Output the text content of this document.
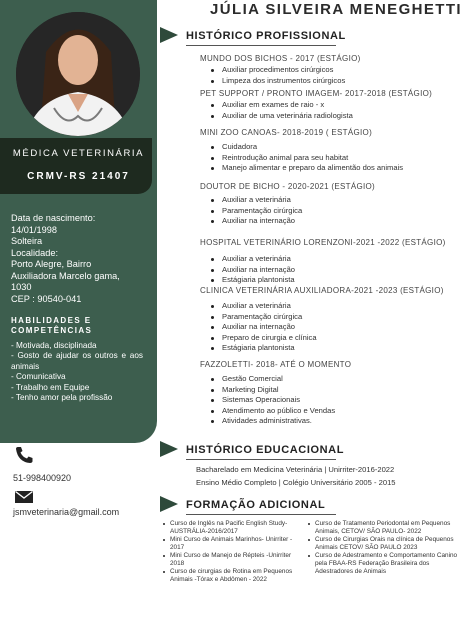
MÉDICA VETERINÁRIA
CRMV-RS 21407
Data de nascimento:
14/01/1998
Solteira
Localidade:
Porto Alegre, Bairro
Auxiliadora Marcelo gama,
1030
CEP : 90540-041
HABILIDADES E COMPETÊNCIAS
- Motivada, disciplinada
- Gosto de ajudar os outros e aos animais
- Comunicativa
- Trabalho em Equipe
- Tenho amor pela profissão
51-998400920
jsmveterinaria@gmail.com
JÚLIA SILVEIRA MENEGHETTI
HISTÓRICO PROFISSIONAL
HISTÓRICO EDUCACIONAL
FORMAÇÃO ADICIONAL
MUNDO DOS BICHOS - 2017 (ESTÁGIO)
Auxiliar procedimentos cirúrgicos
Limpeza dos instrumentos cirúrgicos
PET SUPPORT / PRONTO IMAGEM- 2017-2018 (ESTÁGIO)
Auxiliar em exames de raio - x
Auxiliar de uma veterinária radiologista
MINI ZOO CANOAS- 2018-2019 ( ESTÁGIO)
Cuidadora
Reintrodução animal para seu habitat
Manejo alimentar e preparo da alimentão dos animais
DOUTOR DE BICHO - 2020-2021 (ESTÁGIO)
Auxiliar a veterinária
Paramentação cirúrgica
Auxiliar na internação
HOSPITAL VETERINÁRIO LORENZONI-2021 -2022 (ESTÁGIO)
Auxiliar a veterinária
Auxiliar na internação
Estágiaria plantonista
CLINICA VETERINÁRIA AUXILIADORA-2021 -2023 (ESTÁGIO)
Auxiliar a veterinária
Paramentação cirúrgica
Auxiliar na internação
Preparo de cirurgia e clínica
Estágiaria plantonista
FAZZOLETTI- 2018- ATÉ O MOMENTO
Gestão Comercial
Marketing Digital
Sistemas Operacionais
Atendimento ao público e Vendas
Atividades administrativas.
Bacharelado em Medicina Veterinária | Unirriter-2016-2022
Ensino Médio Completo | Colégio Universitário 2005 - 2015
Curso de Inglês na Pacific English Study-AUSTRÁLIA-2016/2017
Mini Curso de Animais Marinhos- Unirriter - 2017
Mini Curso de Manejo de Répteis -Unirriter 2018
Curso de cirurgias de Rotina em Pequenos Animais -Tórax e Abdômen - 2022
Curso de Tratamento Periodontal em Pequenos Animais, CETOV/ SÃO PAULO- 2022
Curso de Cirurgias Orais na clínica de Pequenos Animais CETOV/ SÃO PAULO 2023
Curso de Adestramento e Comportamento Canino pela FBAA-RS Federação Brasileira dos Adestradores de Animais
